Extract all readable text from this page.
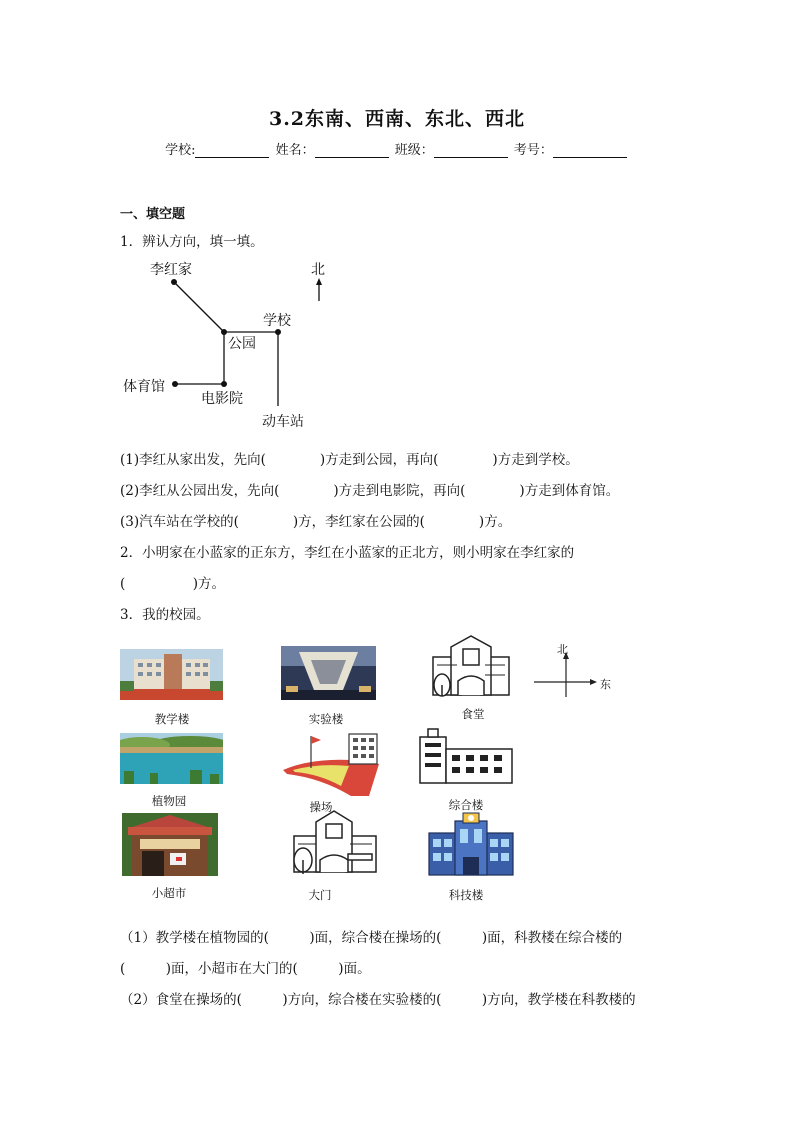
3.2东南、西南、东北、西北
学校:	姓名：	班级：	考号：
一、填空题
1．辨认方向，填一填。
李红家	北
学校
公园
体育馆
电影院
动车站
(1)李红从家出发，先向(　　　　)方走到公园，再向(　　　　)方走到学校。
(2)李红从公园出发，先向(　　　　)方走到电影院，再向(　　　　)方走到体育馆。
(3)汽车站在学校的(　　　　)方，李红家在公园的(　　　　)方。
2．小明家在小蓝家的正东方，李红在小蓝家的正北方，则小明家在李红家的
(　　　　　)方。
3．我的校园。
教学楼	实验楼	食堂
北
东
植物园	操场	综合楼
小超市	大门	科技楼
（1）教学楼在植物园的(　　　)面，综合楼在操场的(　　　)面，科教楼在综合楼的
(　　　)面，小超市在大门的(　　　)面。
（2）食堂在操场的(　　　)方向，综合楼在实验楼的(　　　)方向，教学楼在科教楼的
